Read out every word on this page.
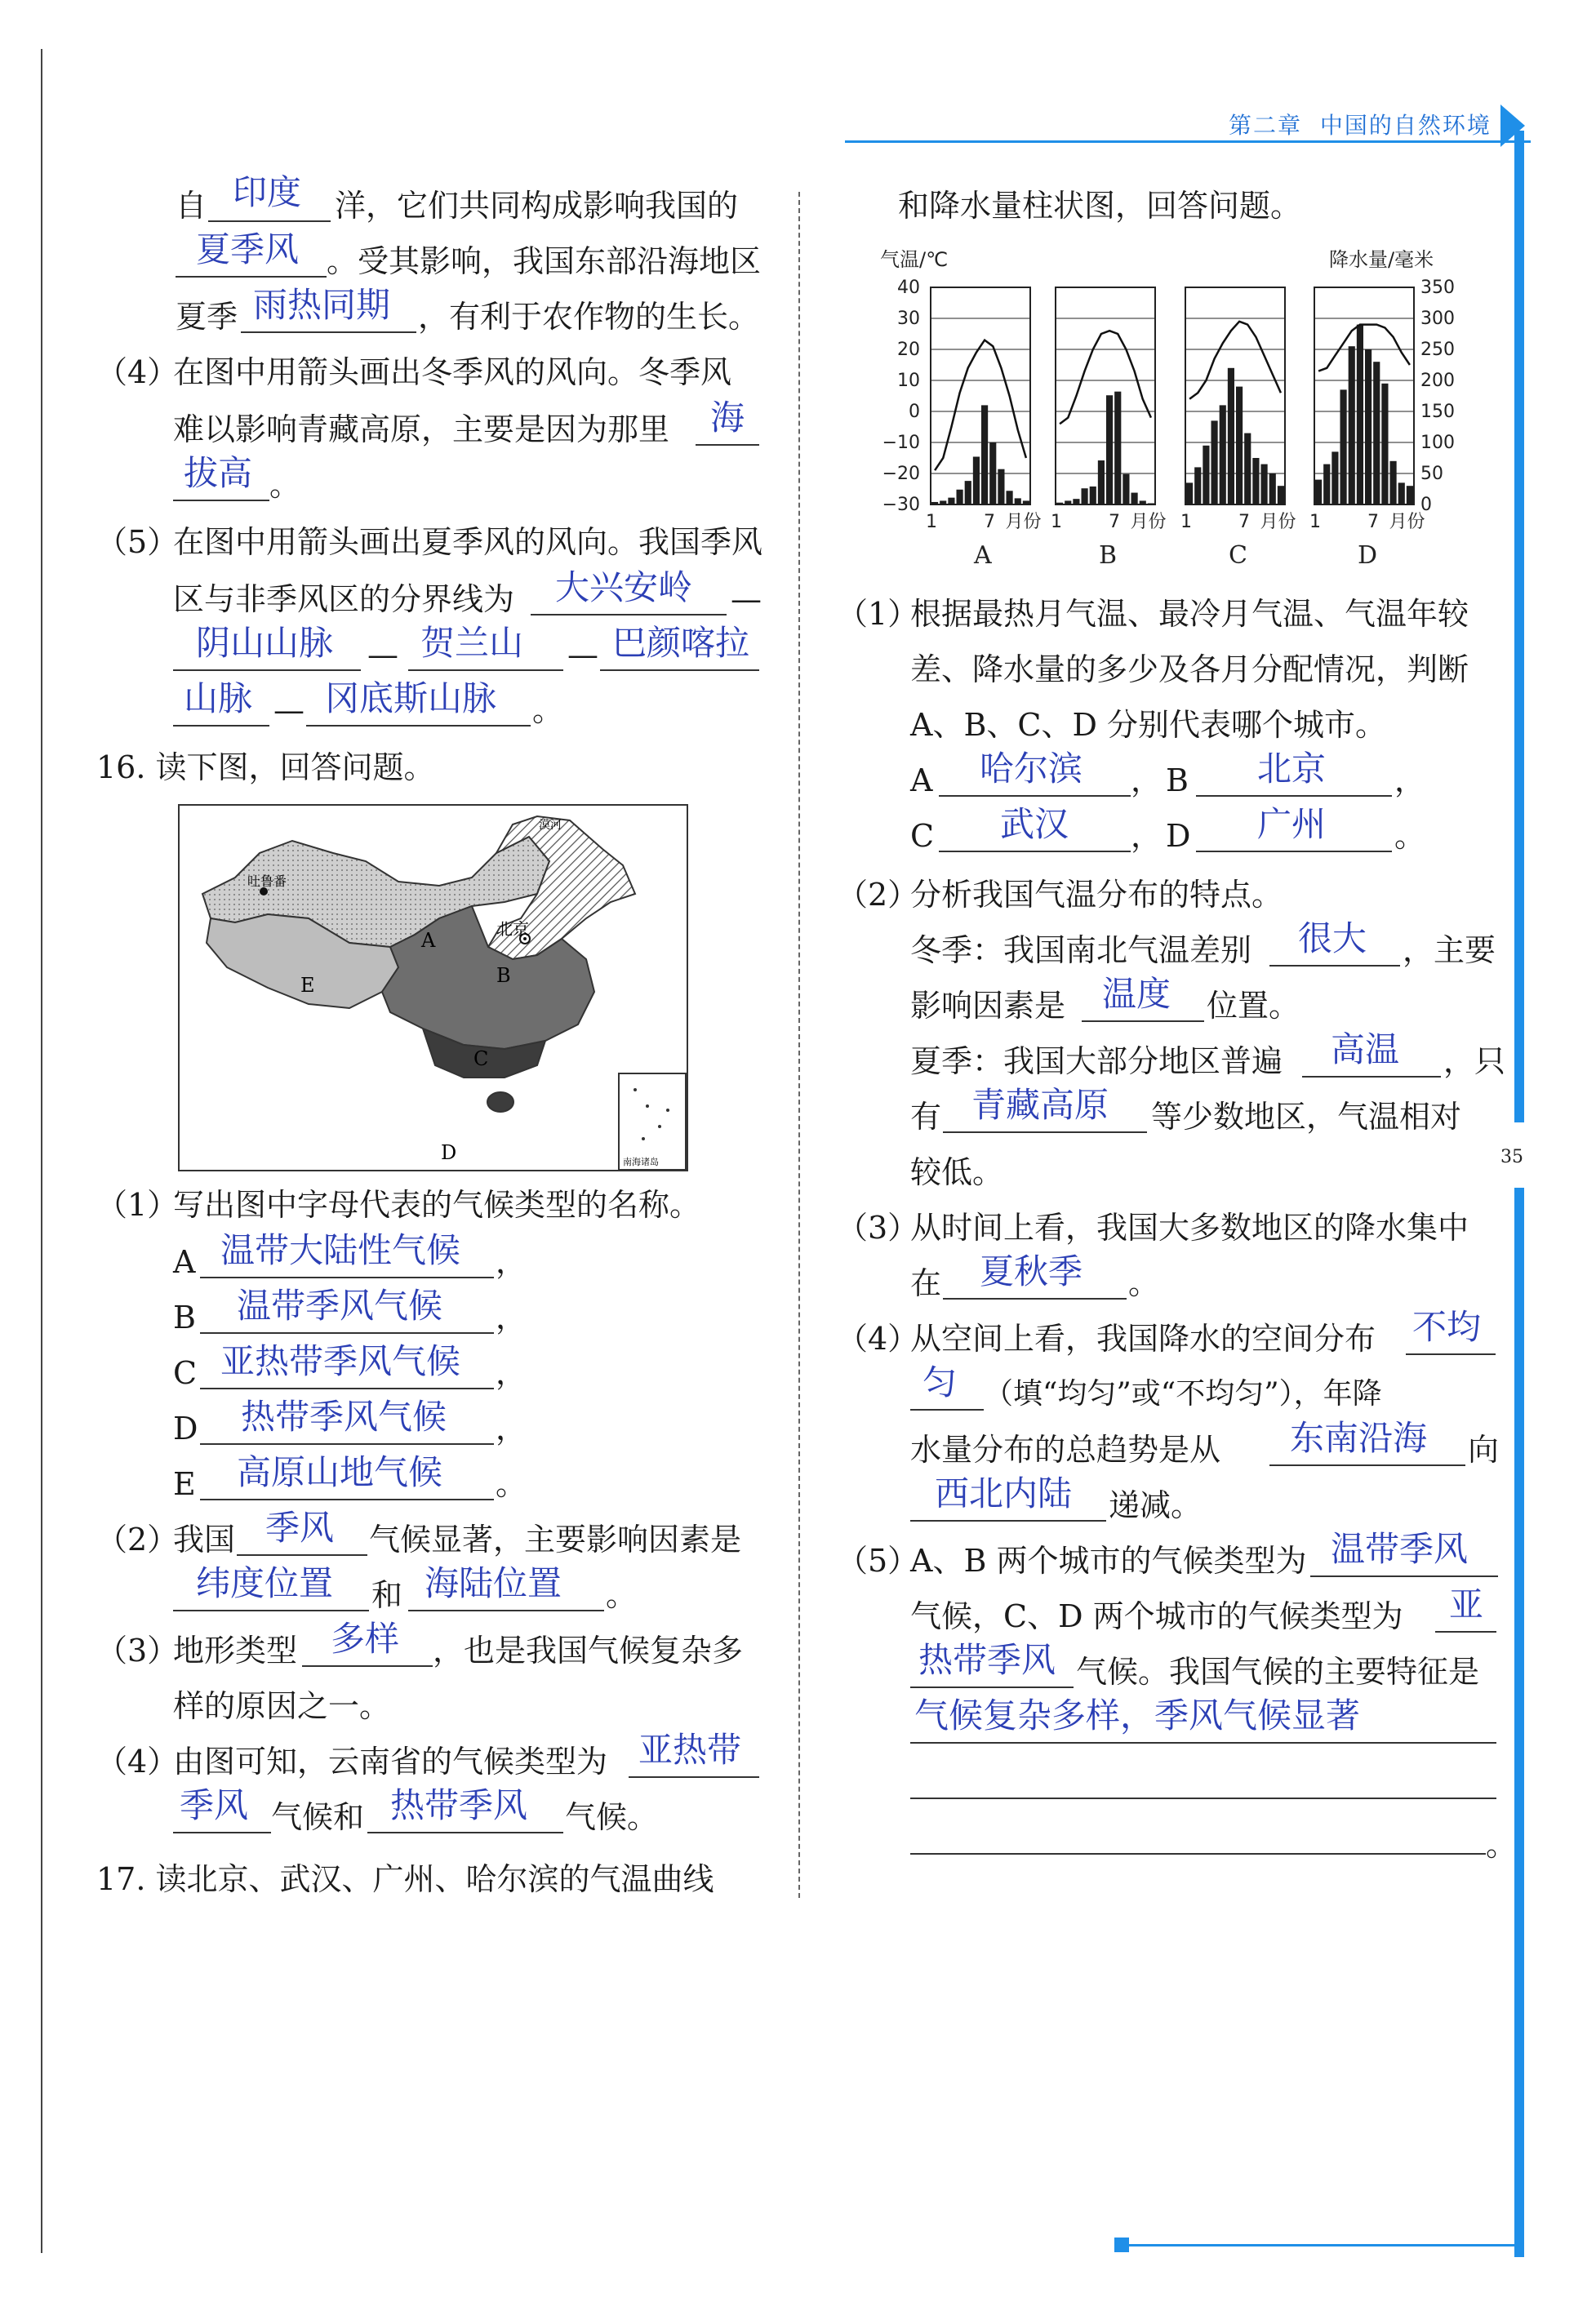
第二章 中国的自然环境
35
自 印度 洋，它们共同构成影响我国的
夏季风 。受其影响，我国东部沿海地区
夏季 雨热同期 ，有利于农作物的生长。
（4）
在图中用箭头画出冬季风的风向。冬季风
难以影响青藏高原，主要是因为那里 海
拔高 。
（5）
在图中用箭头画出夏季风的风向。我国季风
区与非季风区的分界线为 大兴安岭 —
阴山山脉 — 贺兰山 — 巴颜喀拉
山脉 — 冈底斯山脉 。
16. 读下图，回答问题。
吐鲁番
漠河
北京
A
B
C
D
E
南海诸岛
（1）
写出图中字母代表的气候类型的名称。
A 温带大陆性气候 ，
B 温带季风气候 ，
C 亚热带季风气候 ，
D 热带季风气候 ，
E 高原山地气候 。
（2）
我国 季风 气候显著，主要影响因素是
纬度位置 和 海陆位置 。
（3）
地形类型 多样 ，也是我国气候复杂多
样的原因之一。
（4）
由图可知，云南省的气候类型为 亚热带
季风 气候和 热带季风 气候。
17. 读北京、武汉、广州、哈尔滨的气温曲线
和降水量柱状图，回答问题。
气温/℃	降水量/毫米
40
30
20
10
0
−10
−20
−30
350
300
250
200
150
100
50
0
1	7 月份
A
1	7 月份
B
1	7 月份
C
1	7 月份
D
（1）
根据最热月气温、最冷月气温、气温年较
差、降水量的多少及各月分配情况，判断
A、B、C、D 分别代表哪个城市。
A 哈尔滨 ， B 北京 ，
C 武汉 ， D 广州 。
（2）
分析我国气温分布的特点。
冬季：我国南北气温差别 很大 ，主要
影响因素是 温度 位置。
夏季：我国大部分地区普遍 高温 ，只
有 青藏高原 等少数地区，气温相对
较低。
（3）
从时间上看，我国大多数地区的降水集中
在 夏秋季 。
（4）
从空间上看，我国降水的空间分布 不均
匀 （填“均匀”或“不均匀”），年降
水量分布的总趋势是从 东南沿海 向
西北内陆 递减。
（5）
A、B 两个城市的气候类型为 温带季风
气候，C、D 两个城市的气候类型为 亚
热带季风 气候。我国气候的主要特征是
气候复杂多样，季风气候显著
。
